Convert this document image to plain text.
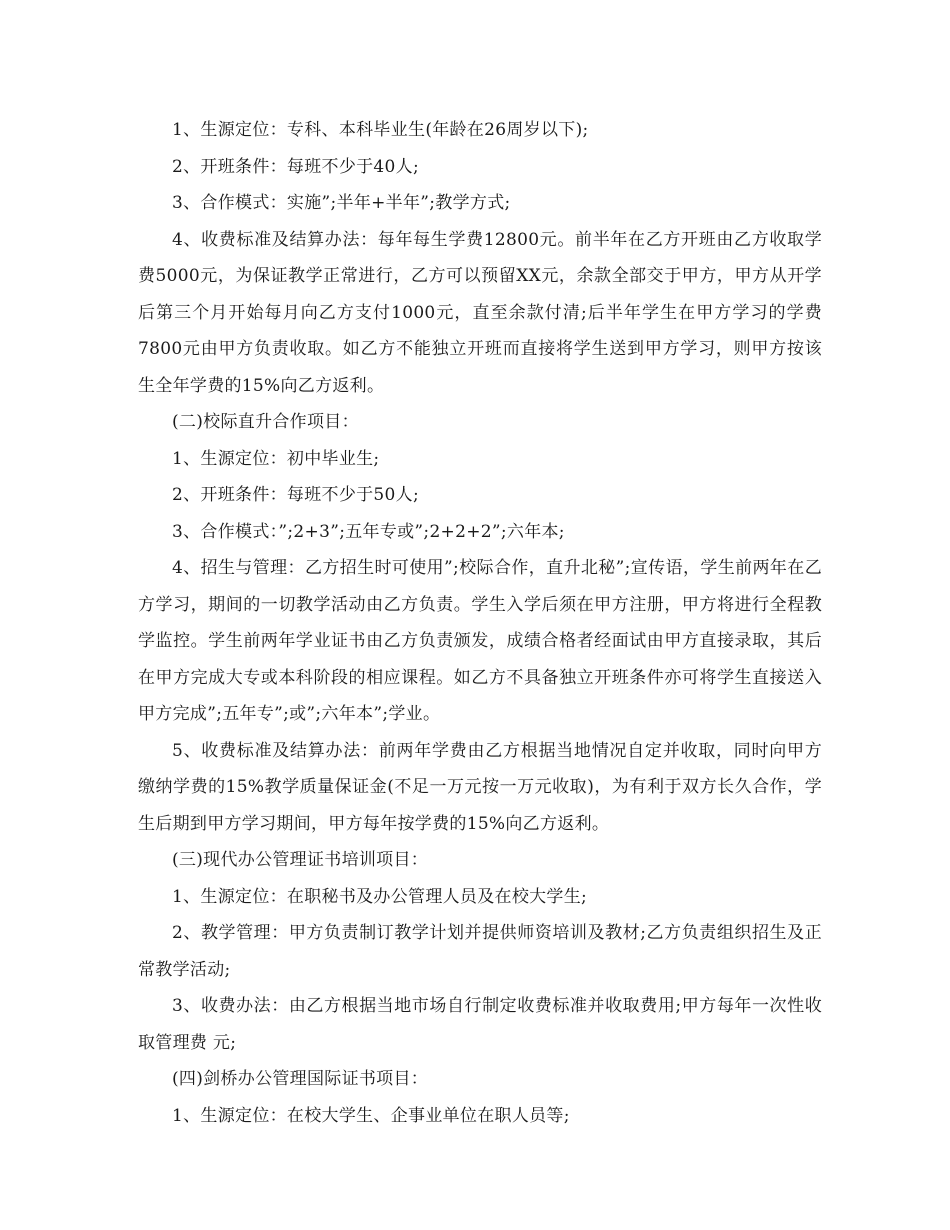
1、生源定位：专科、本科毕业生(年龄在26周岁以下);

2、开班条件：每班不少于40人;

3、合作模式：实施”;半年+半年”;教学方式;

4、收费标准及结算办法：每年每生学费12800元。前半年在乙方开班由乙方收取学费5000元，为保证教学正常进行，乙方可以预留XX元，余款全部交于甲方，甲方从开学后第三个月开始每月向乙方支付1000元，直至余款付清;后半年学生在甲方学习的学费7800元由甲方负责收取。如乙方不能独立开班而直接将学生送到甲方学习，则甲方按该生全年学费的15%向乙方返利。

(二)校际直升合作项目：

1、生源定位：初中毕业生;

2、开班条件：每班不少于50人;

3、合作模式：”;2+3”;五年专或”;2+2+2”;六年本;

4、招生与管理：乙方招生时可使用”;校际合作，直升北秘”;宣传语，学生前两年在乙方学习，期间的一切教学活动由乙方负责。学生入学后须在甲方注册，甲方将进行全程教学监控。学生前两年学业证书由乙方负责颁发，成绩合格者经面试由甲方直接录取，其后在甲方完成大专或本科阶段的相应课程。如乙方不具备独立开班条件亦可将学生直接送入甲方完成”;五年专”;或”;六年本”;学业。

5、收费标准及结算办法：前两年学费由乙方根据当地情况自定并收取，同时向甲方缴纳学费的15%教学质量保证金(不足一万元按一万元收取)，为有利于双方长久合作，学生后期到甲方学习期间，甲方每年按学费的15%向乙方返利。

(三)现代办公管理证书培训项目：

1、生源定位：在职秘书及办公管理人员及在校大学生;

2、教学管理：甲方负责制订教学计划并提供师资培训及教材;乙方负责组织招生及正常教学活动;

3、收费办法：由乙方根据当地市场自行制定收费标准并收取费用;甲方每年一次性收取管理费 元;

(四)剑桥办公管理国际证书项目：

1、生源定位：在校大学生、企事业单位在职人员等;
